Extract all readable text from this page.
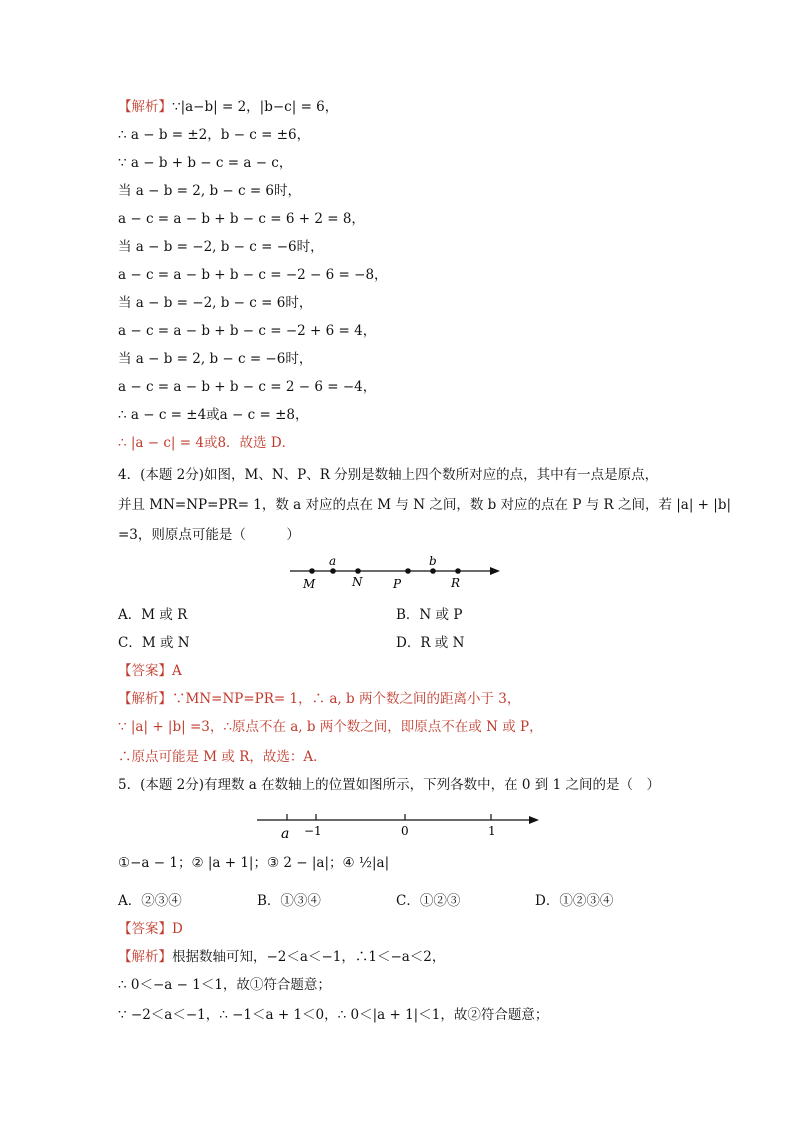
【解析】∵|a−b| = 2，|b−c| = 6，
∴ a − b = ±2，b − c = ±6，
∵ a − b + b − c = a − c，
当 a − b = 2, b − c = 6时，
a − c = a − b + b − c = 6 + 2 = 8，
当 a − b = −2, b − c = −6时，
a − c = a − b + b − c = −2 − 6 = −8，
当 a − b = −2, b − c = 6时，
a − c = a − b + b − c = −2 + 6 = 4，
当 a − b = 2, b − c = −6时，
a − c = a − b + b − c = 2 − 6 = −4，
∴ a − c = ±4或a − c = ±8，
∴ |a − c| = 4或8．故选 D．
4．(本题 2分)如图，M、N、P、R 分别是数轴上四个数所对应的点，其中有一点是原点，
并且 MN=NP=PR= 1，数 a 对应的点在 M 与 N 之间，数 b 对应的点在 P 与 R 之间，若 |a| + |b|
=3，则原点可能是（　　　）
M
a
N	P
b
R
A．M 或 R	B．N 或 P
C．M 或 N	D．R 或 N
【答案】A
【解析】∵MN=NP=PR= 1，∴ a, b 两个数之间的距离小于 3，
∵ |a| + |b| =3，∴原点不在 a, b 两个数之间，即原点不在或 N 或 P，
∴原点可能是 M 或 R，故选：A．
5．(本题 2分)有理数 a 在数轴上的位置如图所示，下列各数中，在 0 到 1 之间的是（　）
a −1	0	1
①−a − 1；② |a + 1|；③ 2 − |a|；④ ½|a|
A．②③④	B．①③④	C．①②③	D．①②③④
【答案】D
【解析】根据数轴可知，−2＜a＜−1，∴1＜−a＜2，
∴ 0＜−a − 1＜1，故①符合题意；
∵ −2＜a＜−1，∴ −1＜a + 1＜0，∴ 0＜|a + 1|＜1，故②符合题意；
